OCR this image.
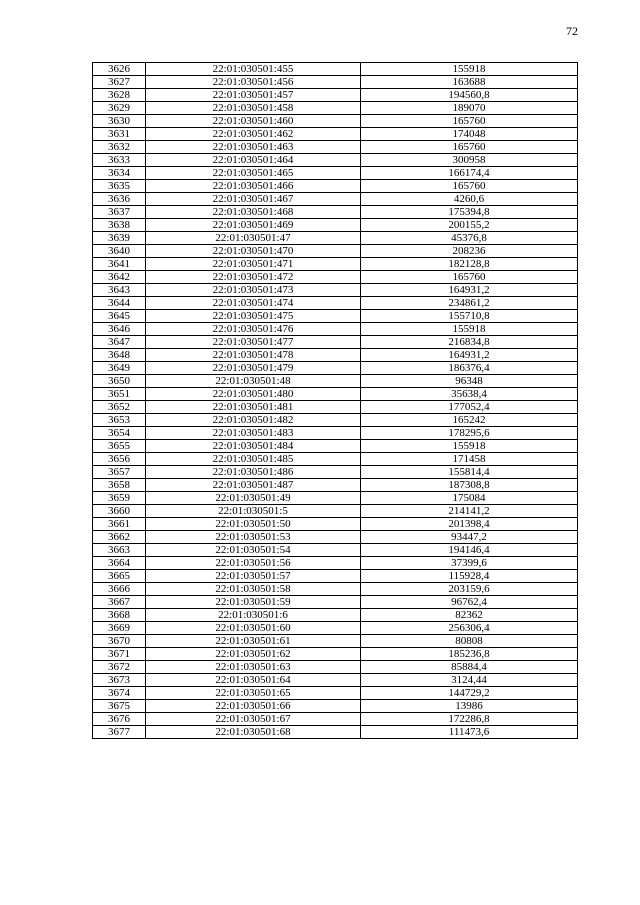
72
3626	22:01:030501:455	155918
3627	22:01:030501:456	163688
3628	22:01:030501:457	194560,8
3629	22:01:030501:458	189070
3630	22:01:030501:460	165760
3631	22:01:030501:462	174048
3632	22:01:030501:463	165760
3633	22:01:030501:464	300958
3634	22:01:030501:465	166174,4
3635	22:01:030501:466	165760
3636	22:01:030501:467	4260,6
3637	22:01:030501:468	175394,8
3638	22:01:030501:469	200155,2
3639	22:01:030501:47	45376,8
3640	22:01:030501:470	208236
3641	22:01:030501:471	182128,8
3642	22:01:030501:472	165760
3643	22:01:030501:473	164931,2
3644	22:01:030501:474	234861,2
3645	22:01:030501:475	155710,8
3646	22:01:030501:476	155918
3647	22:01:030501:477	216834,8
3648	22:01:030501:478	164931,2
3649	22:01:030501:479	186376,4
3650	22:01:030501:48	96348
3651	22:01:030501:480	35638,4
3652	22:01:030501:481	177052,4
3653	22:01:030501:482	165242
3654	22:01:030501:483	178295,6
3655	22:01:030501:484	155918
3656	22:01:030501:485	171458
3657	22:01:030501:486	155814,4
3658	22:01:030501:487	187308,8
3659	22:01:030501:49	175084
3660	22:01:030501:5	214141,2
3661	22:01:030501:50	201398,4
3662	22:01:030501:53	93447,2
3663	22:01:030501:54	194146,4
3664	22:01:030501:56	37399,6
3665	22:01:030501:57	115928,4
3666	22:01:030501:58	203159,6
3667	22:01:030501:59	96762,4
3668	22:01:030501:6	82362
3669	22:01:030501:60	256306,4
3670	22:01:030501:61	80808
3671	22:01:030501:62	185236,8
3672	22:01:030501:63	85884,4
3673	22:01:030501:64	3124,44
3674	22:01:030501:65	144729,2
3675	22:01:030501:66	13986
3676	22:01:030501:67	172286,8
3677	22:01:030501:68	111473,6
